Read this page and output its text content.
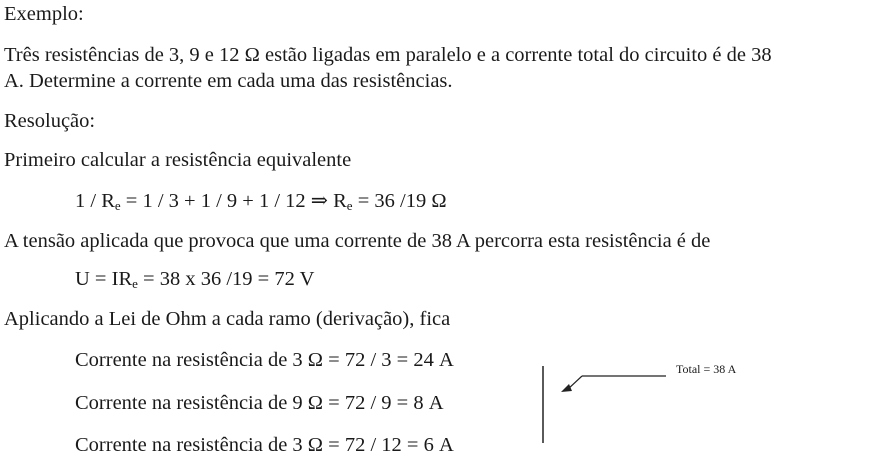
Exemplo:
Três resistências de 3, 9 e 12 Ω estão ligadas em paralelo e a corrente total do circuito é de 38
A. Determine a corrente em cada uma das resistências.
Resolução:
Primeiro calcular a resistência equivalente
1 / Re = 1 / 3 + 1 / 9 + 1 / 12 ⇒ Re = 36 /19 Ω
A tensão aplicada que provoca que uma corrente de 38 A percorra esta resistência é de
U = IRe = 38 x 36 /19 = 72 V
Aplicando a Lei de Ohm a cada ramo (derivação), fica
Corrente na resistência de 3 Ω = 72 / 3 = 24 A
Corrente na resistência de 9 Ω = 72 / 9 = 8 A
Corrente na resistência de 3 Ω = 72 / 12 = 6 A
Total = 38 A
